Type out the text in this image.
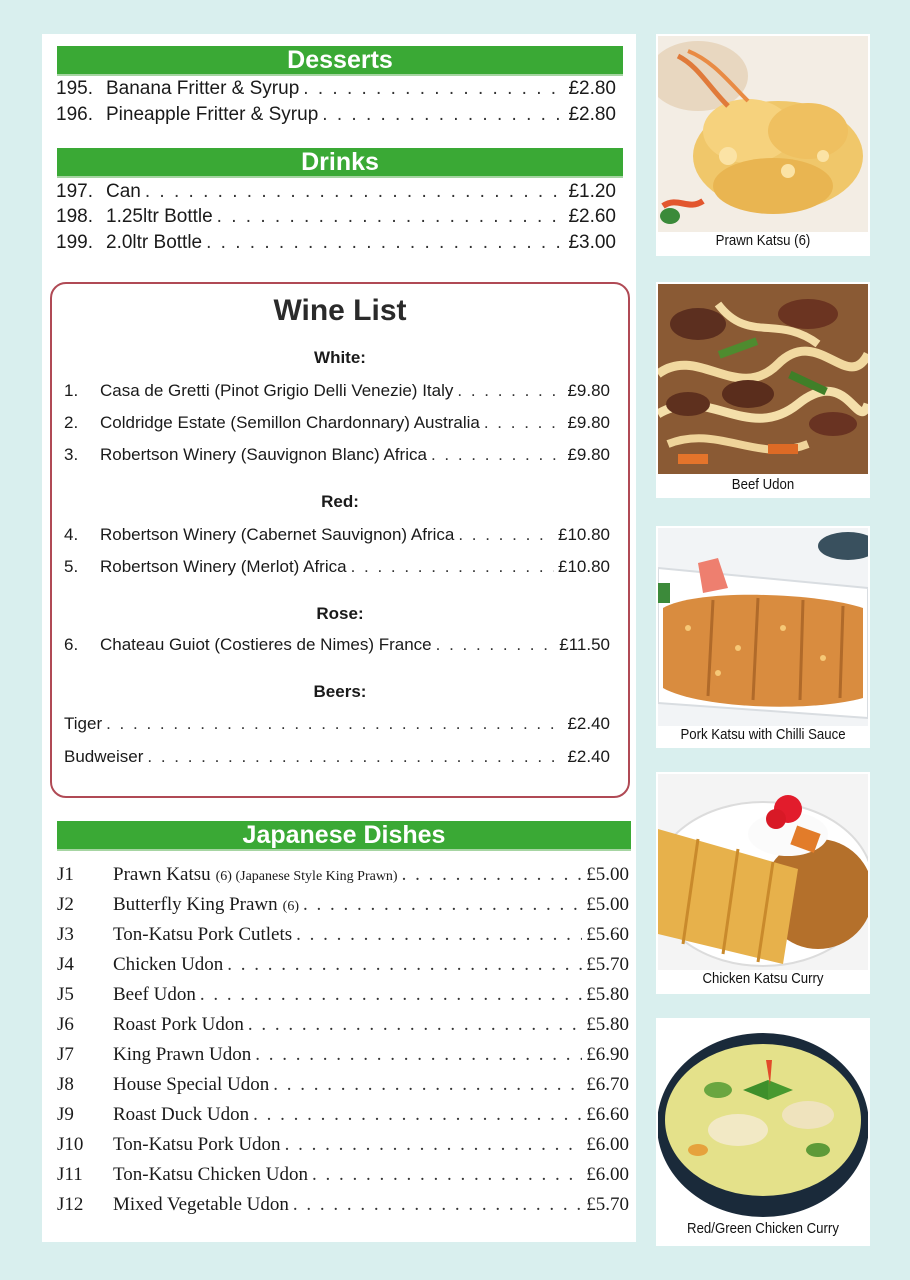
Desserts
195. Banana Fritter & Syrup . . .	£2.80
196. Pineapple Fritter & Syrup . . .	£2.80
Drinks
197. Can . . .	£1.20
198. 1.25ltr Bottle . . .	£2.60
199. 2.0ltr Bottle . . .	£3.00
Wine List
White:
1.	Casa de Gretti (Pinot Grigio Delli Venezie) Italy . . .	£9.80
2.	Coldridge Estate (Semillon Chardonnary) Australia . . .	£9.80
3.	Robertson Winery (Sauvignon Blanc) Africa . . .	£9.80
Red:
4.	Robertson Winery (Cabernet Sauvignon) Africa . . .	£10.80
5.	Robertson Winery (Merlot) Africa . . .	£10.80
Rose:
6.	Chateau Guiot (Costieres de Nimes) France . . .	£11.50
Beers:
Tiger . . .	£2.40
Budweiser . . .	£2.40
Japanese Dishes
J1	Prawn Katsu (6) (Japanese Style King Prawn) . . .	£5.00
J2	Butterfly King Prawn (6) . . .	£5.00
J3	Ton-Katsu Pork Cutlets . . .	£5.60
J4	Chicken Udon . . .	£5.70
J5	Beef Udon . . .	£5.80
J6	Roast Pork Udon . . .	£5.80
J7	King Prawn Udon . . .	£6.90
J8	House Special Udon . . .	£6.70
J9	Roast Duck Udon . . .	£6.60
J10	Ton-Katsu Pork Udon . . .	£6.00
J11	Ton-Katsu Chicken Udon . . .	£6.00
J12	Mixed Vegetable Udon . . .	£5.70
Prawn Katsu (6)
Beef Udon
Pork Katsu with Chilli Sauce
Chicken Katsu Curry
Red/Green Chicken Curry
